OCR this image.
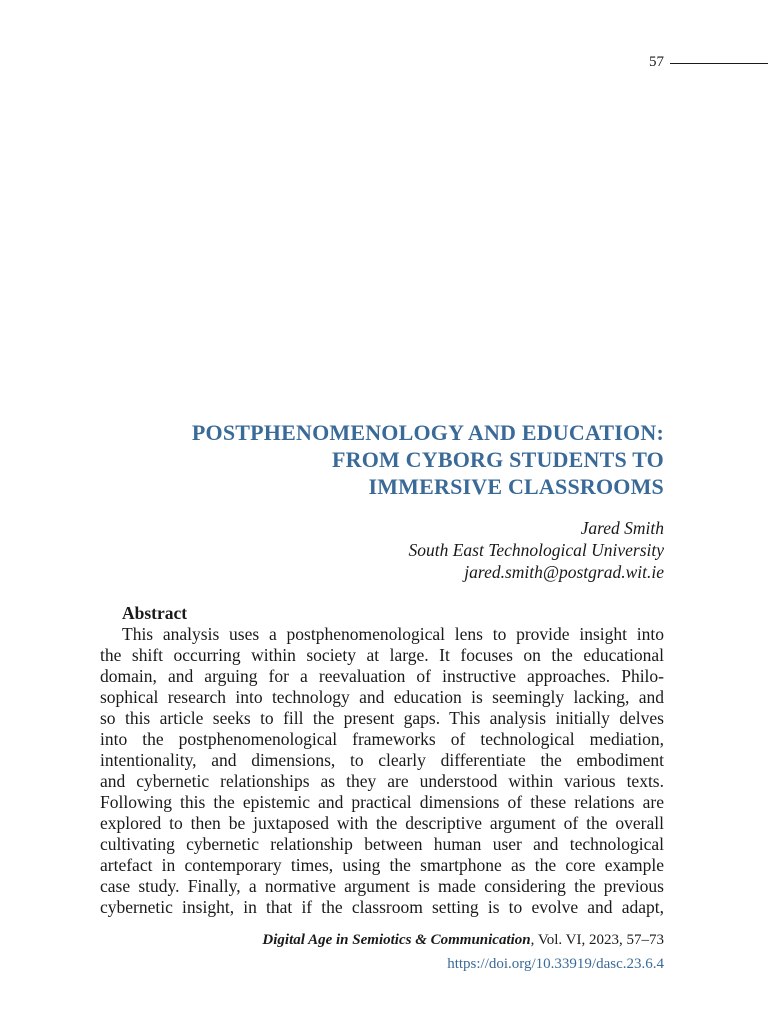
57
POSTPHENOMENOLOGY AND EDUCATION:
FROM CYBORG STUDENTS TO
IMMERSIVE CLASSROOMS
Jared Smith
South East Technological University
jared.smith@postgrad.wit.ie
Abstract
This analysis uses a postphenomenological lens to provide insight into
the shift occurring within society at large. It focuses on the educational
domain, and arguing for a reevaluation of instructive approaches. Philo-
sophical research into technology and education is seemingly lacking, and
so this article seeks to fill the present gaps. This analysis initially delves
into the postphenomenological frameworks of technological mediation,
intentionality, and dimensions, to clearly differentiate the embodiment
and cybernetic relationships as they are understood within various texts.
Following this the epistemic and practical dimensions of these relations are
explored to then be juxtaposed with the descriptive argument of the overall
cultivating cybernetic relationship between human user and technological
artefact in contemporary times, using the smartphone as the core example
case study. Finally, a normative argument is made considering the previous
cybernetic insight, in that if the classroom setting is to evolve and adapt,
Digital Age in Semiotics & Communication, Vol. VI, 2023, 57–73
https://doi.org/10.33919/dasc.23.6.4
